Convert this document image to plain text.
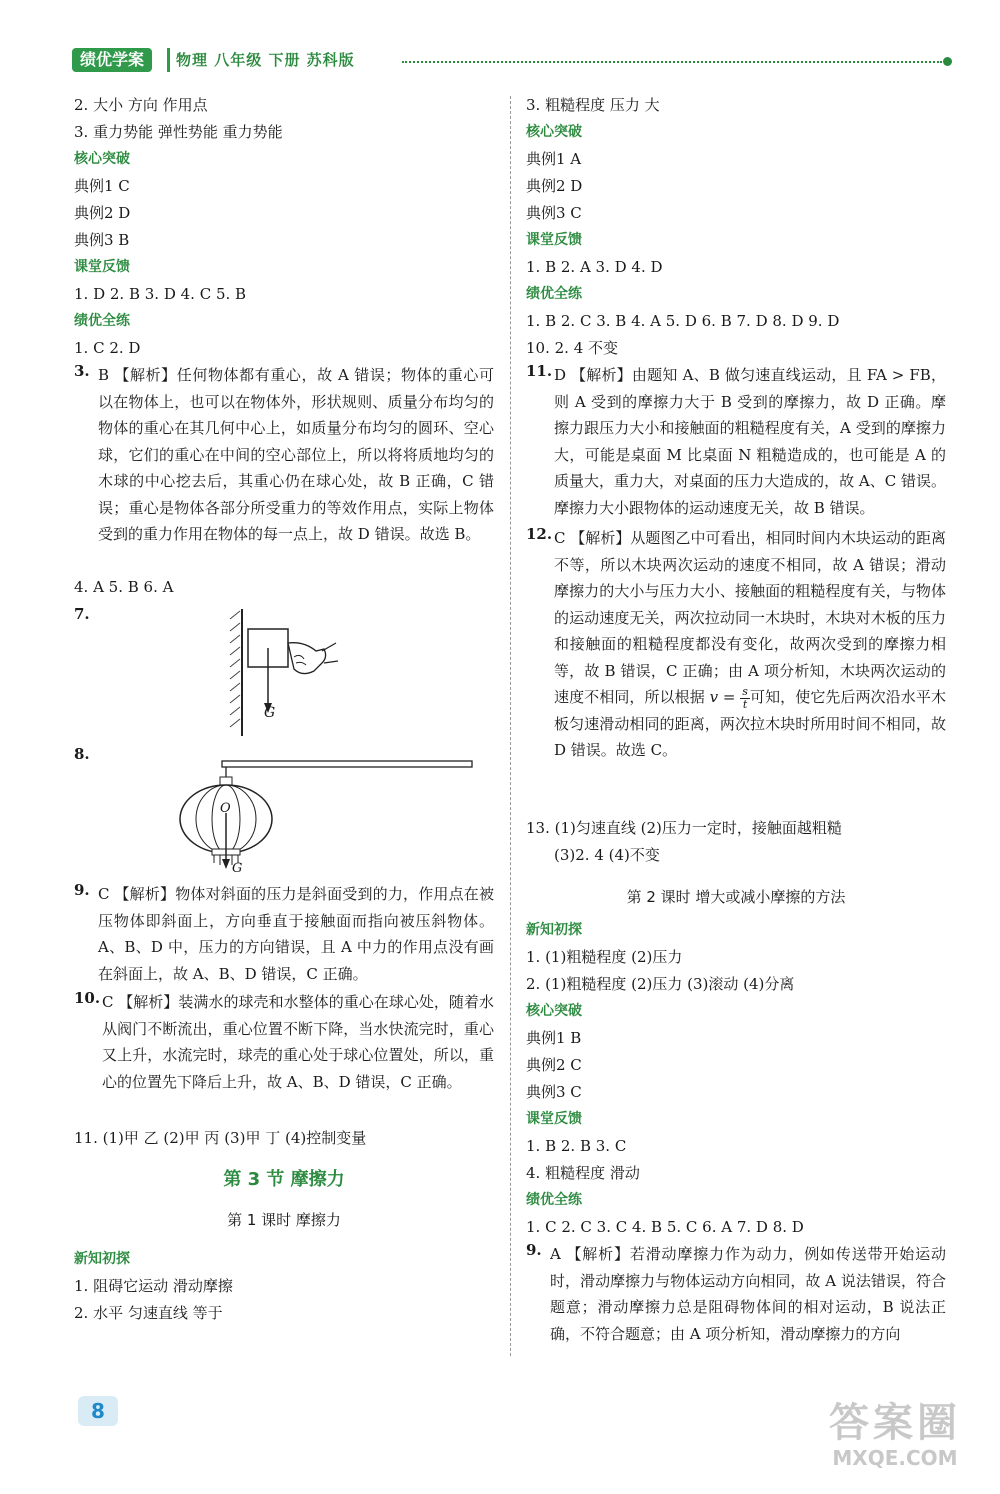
绩优学案	物理 八年级 下册 苏科版
2. 大小 方向 作用点
3. 重力势能 弹性势能 重力势能
核心突破
典例1 C
典例2 D
典例3 B
课堂反馈
1. D 2. B 3. D 4. C 5. B
绩优全练
1. C 2. D
3. B 【解析】任何物体都有重心，故 A 错误；物体的重心可以在物体上，也可以在物体外，形状规则、质量分布均匀的物体的重心在其几何中心上，如质量分布均匀的圆环、空心球，它们的重心在中间的空心部位上，所以将将质地均匀的木球的中心挖去后，其重心仍在球心处，故 B 正确，C 错误；重心是物体各部分所受重力的等效作用点，实际上物体受到的重力作用在物体的每一点上，故 D 错误。故选 B。
4. A 5. B 6. A
7.
G
8.
O
G
9. C 【解析】物体对斜面的压力是斜面受到的力，作用点在被压物体即斜面上，方向垂直于接触面而指向被压斜物体。A、B、D 中，压力的方向错误，且 A 中力的作用点没有画在斜面上，故 A、B、D 错误，C 正确。
10. C 【解析】装满水的球壳和水整体的重心在球心处，随着水从阀门不断流出，重心位置不断下降，当水快流完时，重心又上升，水流完时，球壳的重心处于球心位置处，所以，重心的位置先下降后上升，故 A、B、D 错误，C 正确。
11. (1)甲 乙 (2)甲 丙 (3)甲 丁 (4)控制变量
第 3 节 摩擦力
第 1 课时 摩擦力
新知初探
1. 阻碍它运动 滑动摩擦
2. 水平 匀速直线 等于
3. 粗糙程度 压力 大
核心突破
典例1 A
典例2 D
典例3 C
课堂反馈
1. B 2. A 3. D 4. D
绩优全练
1. B 2. C 3. B 4. A 5. D 6. B 7. D 8. D 9. D
10. 2. 4 不变
11. D 【解析】由题知 A、B 做匀速直线运动，且 FA > FB，则 A 受到的摩擦力大于 B 受到的摩擦力，故 D 正确。摩擦力跟压力大小和接触面的粗糙程度有关，A 受到的摩擦力大，可能是桌面 M 比桌面 N 粗糙造成的，也可能是 A 的质量大，重力大，对桌面的压力大造成的，故 A、C 错误。摩擦力大小跟物体的运动速度无关，故 B 错误。
12. C 【解析】从题图乙中可看出，相同时间内木块运动的距离不等，所以木块两次运动的速度不相同，故 A 错误；滑动摩擦力的大小与压力大小、接触面的粗糙程度有关，与物体的运动速度无关，两次拉动同一木块时，木块对木板的压力和接触面的粗糙程度都没有变化，故两次受到的摩擦力相等，故 B 错误，C 正确；由 A 项分析知，木块两次运动的速度不相同，所以根据 $v = \frac{s}{t}$ 可知，使它先后两次沿水平木板匀速滑动相同的距离，两次拉木块时所用时间不相同，故 D 错误。故选 C。
13. (1)匀速直线 (2)压力一定时，接触面越粗糙
(3)2. 4 (4)不变
第 2 课时 增大或减小摩擦的方法
新知初探
1. (1)粗糙程度 (2)压力
2. (1)粗糙程度 (2)压力 (3)滚动 (4)分离
核心突破
典例1 B
典例2 C
典例3 C
课堂反馈
1. B 2. B 3. C
4. 粗糙程度 滑动
绩优全练
1. C 2. C 3. C 4. B 5. C 6. A 7. D 8. D
9. A 【解析】若滑动摩擦力作为动力，例如传送带开始运动时，滑动摩擦力与物体运动方向相同，故 A 说法错误，符合题意；滑动摩擦力总是阻碍物体间的相对运动，B 说法正确，不符合题意；由 A 项分析知，滑动摩擦力的方向
8	答案圈
MXQE.COM
